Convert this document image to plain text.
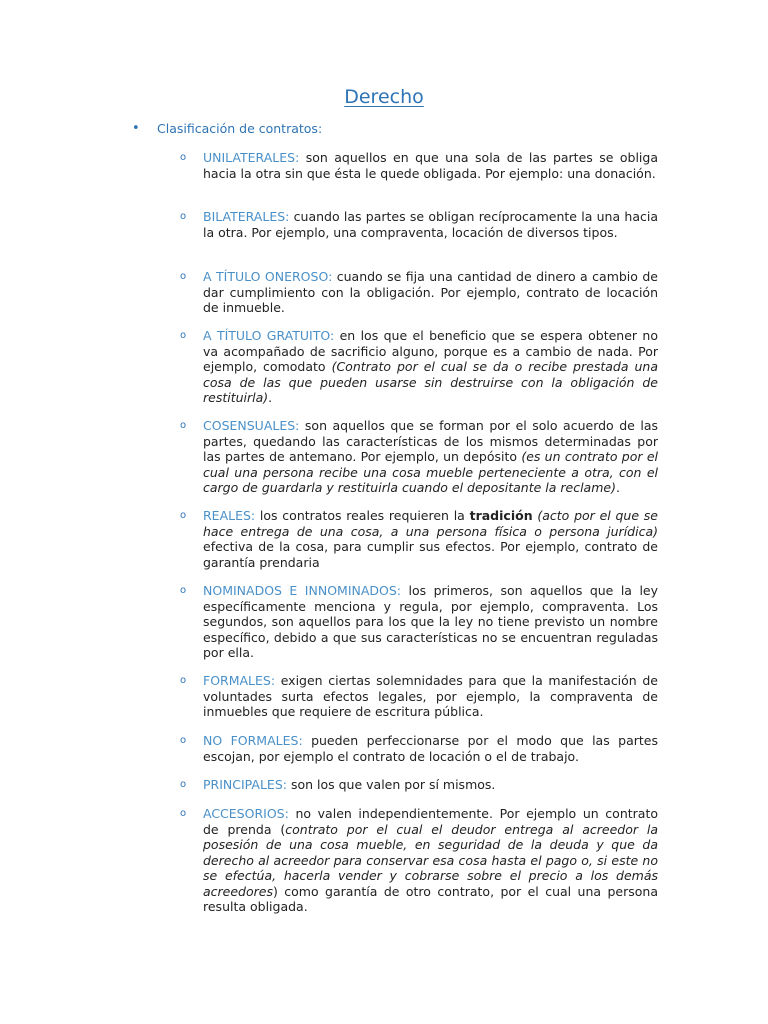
Derecho
• Clasificación de contratos:
o UNILATERALES: son aquellos en que una sola de las partes se obliga hacia la otra sin que ésta le quede obligada. Por ejemplo: una donación.
o BILATERALES: cuando las partes se obligan recíprocamente la una hacia la otra. Por ejemplo, una compraventa, locación de diversos tipos.
o A TÍTULO ONEROSO: cuando se fija una cantidad de dinero a cambio de dar cumplimiento con la obligación. Por ejemplo, contrato de locación de inmueble.
o A TÍTULO GRATUITO: en los que el beneficio que se espera obtener no va acompañado de sacrificio alguno, porque es a cambio de nada. Por ejemplo, comodato (Contrato por el cual se da o recibe prestada una cosa de las que pueden usarse sin destruirse con la obligación de restituirla).
o COSENSUALES: son aquellos que se forman por el solo acuerdo de las partes, quedando las características de los mismos determinadas por las partes de antemano. Por ejemplo, un depósito (es un contrato por el cual una persona recibe una cosa mueble perteneciente a otra, con el cargo de guardarla y restituirla cuando el depositante la reclame).
o REALES: los contratos reales requieren la tradición (acto por el que se hace entrega de una cosa, a una persona física o persona jurídica) efectiva de la cosa, para cumplir sus efectos. Por ejemplo, contrato de garantía prendaria
o NOMINADOS E INNOMINADOS: los primeros, son aquellos que la ley específicamente menciona y regula, por ejemplo, compraventa. Los segundos, son aquellos para los que la ley no tiene previsto un nombre específico, debido a que sus características no se encuentran reguladas por ella.
o FORMALES: exigen ciertas solemnidades para que la manifestación de voluntades surta efectos legales, por ejemplo, la compraventa de inmuebles que requiere de escritura pública.
o NO FORMALES: pueden perfeccionarse por el modo que las partes escojan, por ejemplo el contrato de locación o el de trabajo.
o PRINCIPALES: son los que valen por sí mismos.
o ACCESORIOS: no valen independientemente. Por ejemplo un contrato de prenda (contrato por el cual el deudor entrega al acreedor la posesión de una cosa mueble, en seguridad de la deuda y que da derecho al acreedor para conservar esa cosa hasta el pago o, si este no se efectúa, hacerla vender y cobrarse sobre el precio a los demás acreedores) como garantía de otro contrato, por el cual una persona resulta obligada.
